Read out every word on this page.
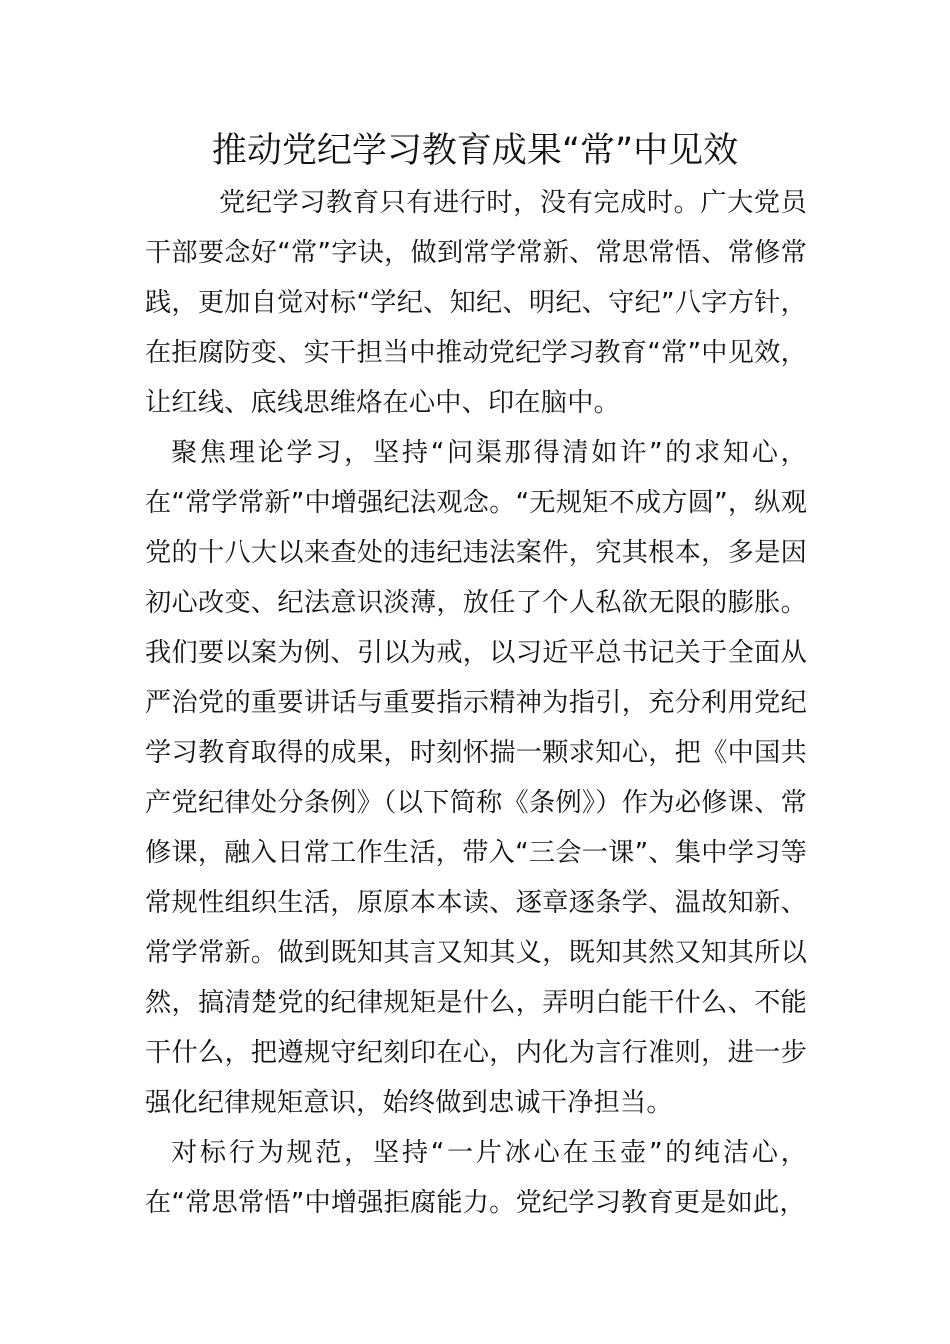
推动党纪学习教育成果“常”中见效

党纪学习教育只有进行时，没有完成时。广大党员干部要念好“常”字诀，做到常学常新、常思常悟、常修常践，更加自觉对标“学纪、知纪、明纪、守纪”八字方针，在拒腐防变、实干担当中推动党纪学习教育“常”中见效，让红线、底线思维烙在心中、印在脑中。

聚焦理论学习，坚持“问渠那得清如许”的求知心，在“常学常新”中增强纪法观念。“无规矩不成方圆”，纵观党的十八大以来查处的违纪违法案件，究其根本，多是因初心改变、纪法意识淡薄，放任了个人私欲无限的膨胀。我们要以案为例、引以为戒，以习近平总书记关于全面从严治党的重要讲话与重要指示精神为指引，充分利用党纪学习教育取得的成果，时刻怀揣一颗求知心，把《中国共产党纪律处分条例》（以下简称《条例》）作为必修课、常修课，融入日常工作生活，带入“三会一课”、集中学习等常规性组织生活，原原本本读、逐章逐条学、温故知新、常学常新。做到既知其言又知其义，既知其然又知其所以然，搞清楚党的纪律规矩是什么，弄明白能干什么、不能干什么，把遵规守纪刻印在心，内化为言行准则，进一步强化纪律规矩意识，始终做到忠诚干净担当。

对标行为规范，坚持“一片冰心在玉壶”的纯洁心，在“常思常悟”中增强拒腐能力。党纪学习教育更是如此，
